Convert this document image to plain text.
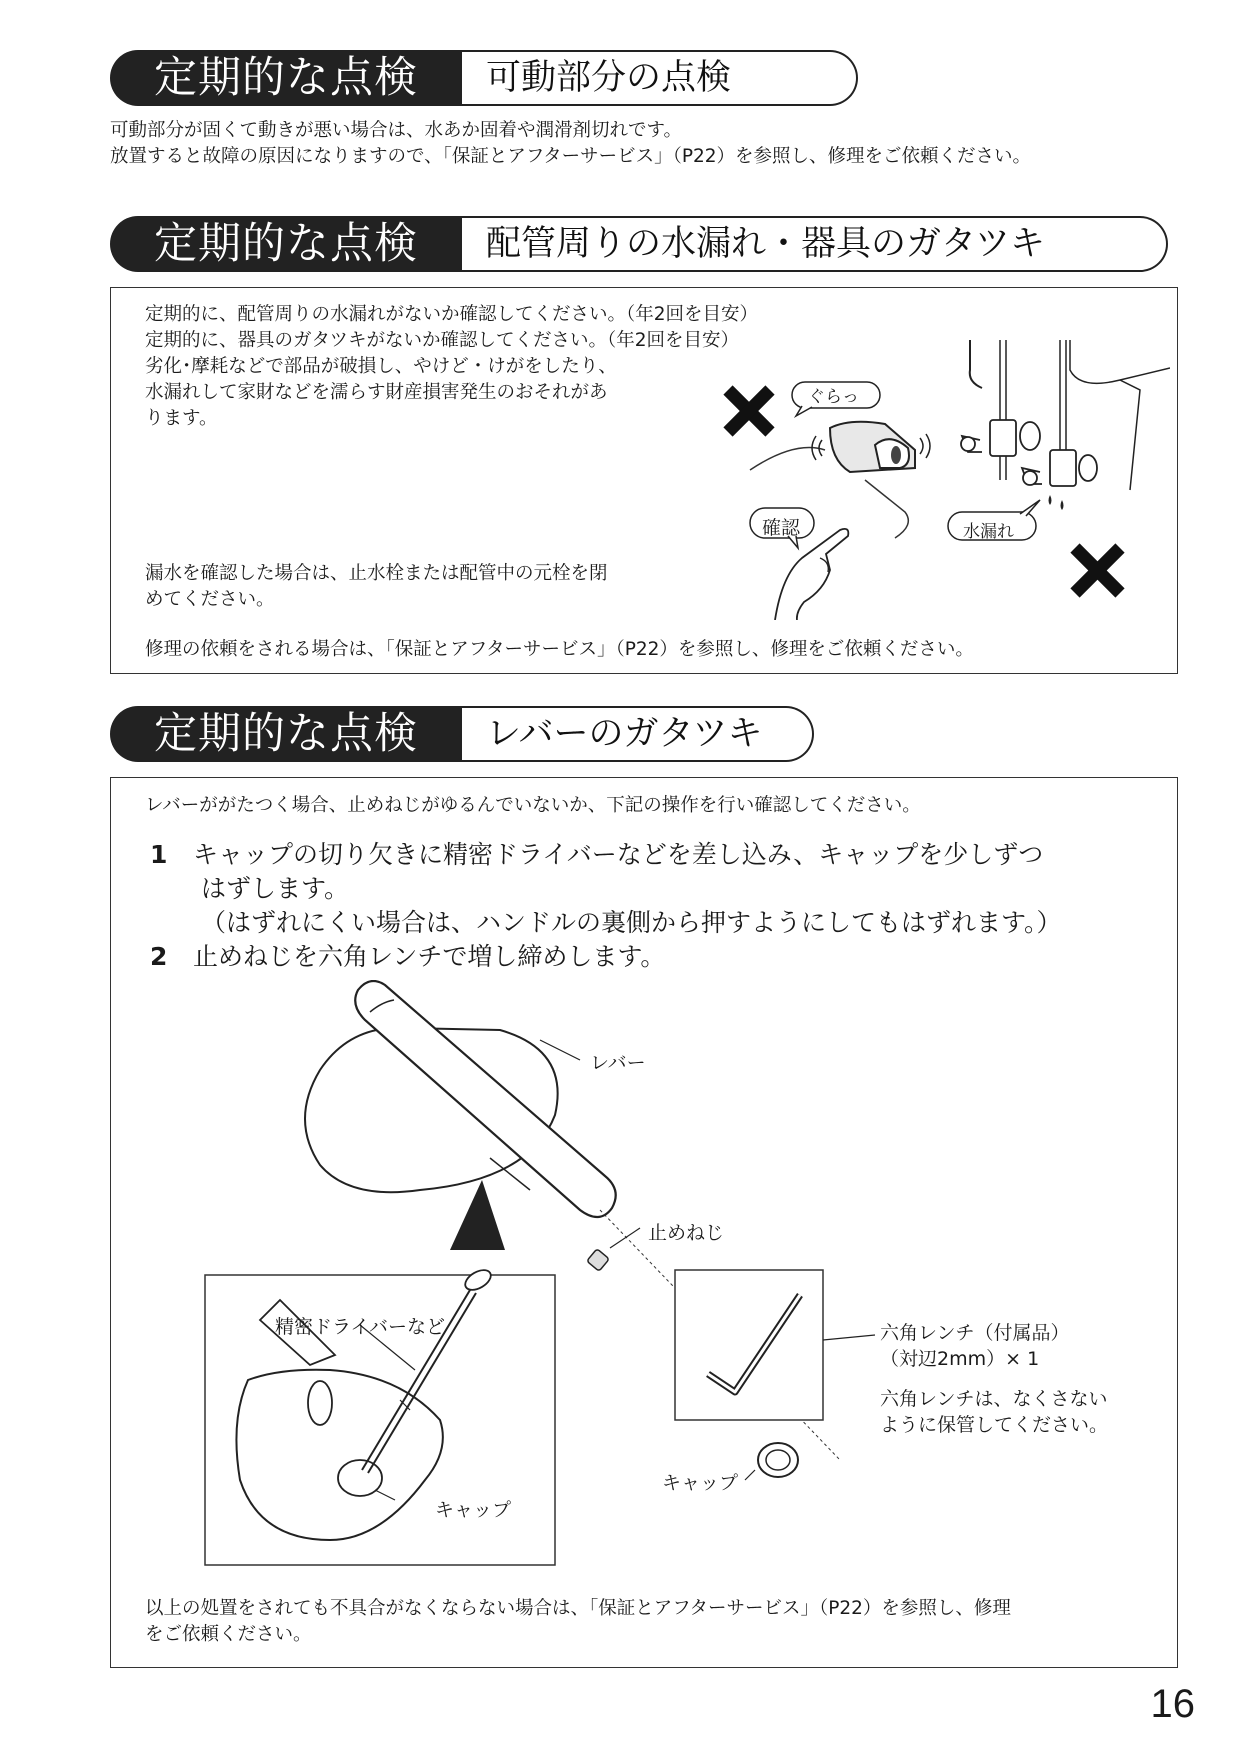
定期的な点検	可動部分の点検
可動部分が固くて動きが悪い場合は、水あか固着や潤滑剤切れです。
放置すると故障の原因になりますので、「保証とアフターサービス」（P22）を参照し、修理をご依頼ください。
定期的な点検	配管周りの水漏れ・器具のガタツキ
定期的に、配管周りの水漏れがないか確認してください。（年2回を目安）
定期的に、器具のガタツキがないか確認してください。（年2回を目安）
劣化･摩耗などで部品が破損し、やけど・けがをしたり、
水漏れして家財などを濡らす財産損害発生のおそれがあ
ります。
漏水を確認した場合は、止水栓または配管中の元栓を閉
めてください。
修理の依頼をされる場合は、「保証とアフターサービス」（P22）を参照し、修理をご依頼ください。
ぐらっ
確認	水漏れ
定期的な点検	レバーのガタツキ
レバーががたつく場合、止めねじがゆるんでいないか、下記の操作を行い確認してください。
1 キャップの切り欠きに精密ドライバーなどを差し込み、キャップを少しずつ
はずします。
（はずれにくい場合は、ハンドルの裏側から押すようにしてもはずれます。）
2 止めねじを六角レンチで増し締めします。
レバー
止めねじ
精密ドライバーなど
キャップ
六角レンチ（付属品）
（対辺2mm）× 1
六角レンチは、なくさない
ように保管してください。
キャップ
以上の処置をされても不具合がなくならない場合は、「保証とアフターサービス」（P22）を参照し、修理
をご依頼ください。
16
